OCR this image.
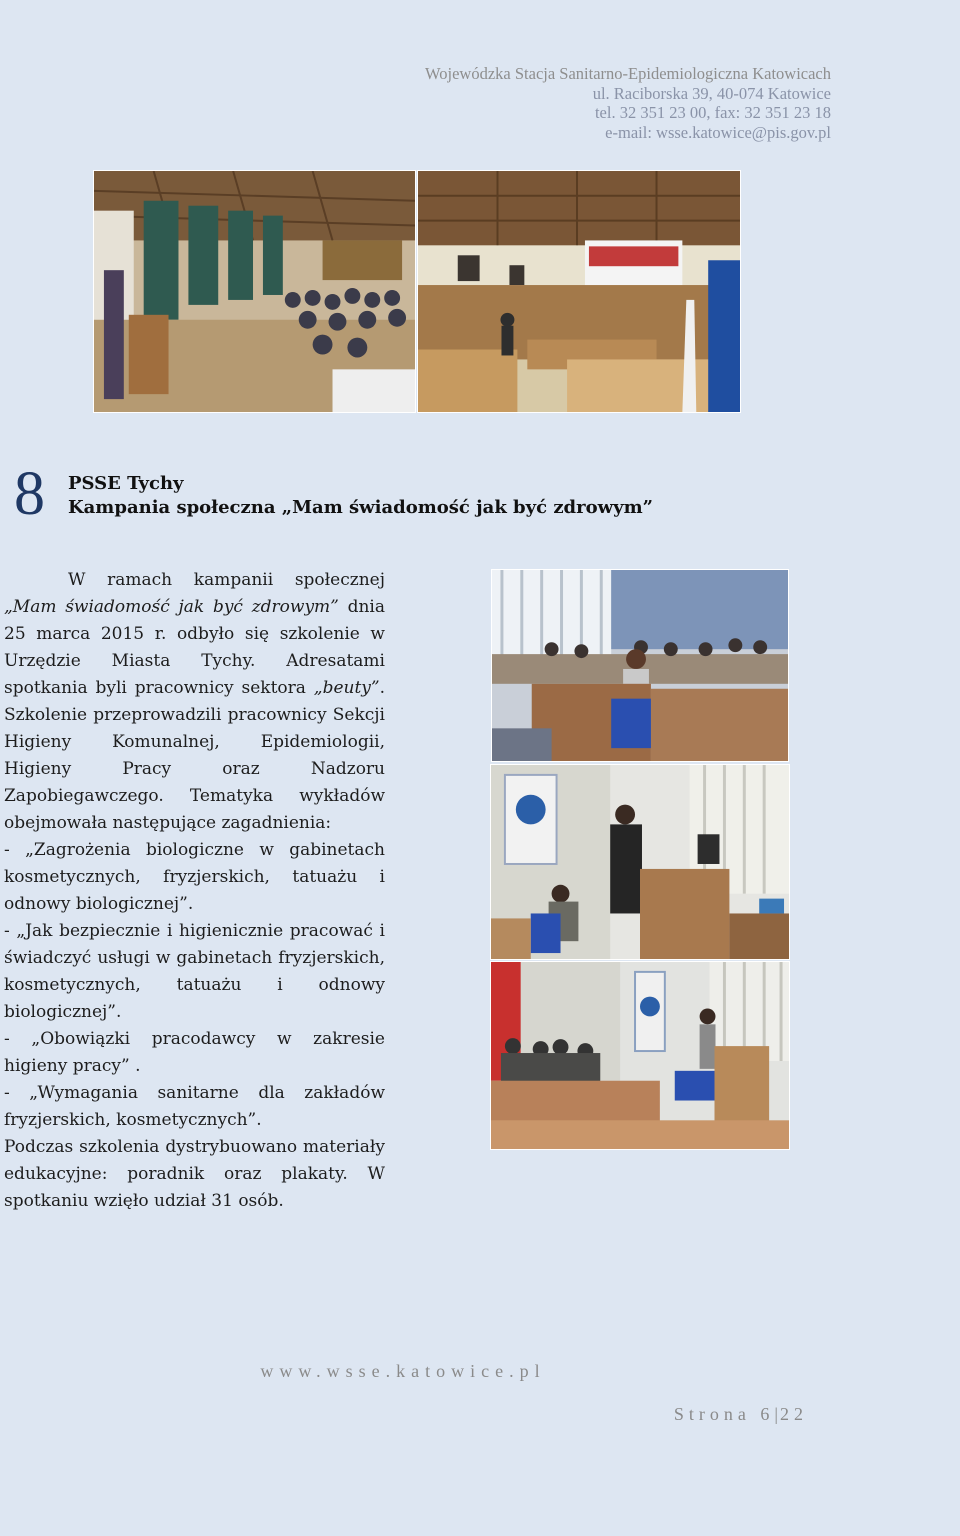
Wojewódzka Stacja Sanitarno-Epidemiologiczna Katowicach
ul. Raciborska 39, 40-074 Katowice
tel. 32 351 23 00, fax: 32 351 23 18
e-mail: wsse.katowice@pis.gov.pl
8 PSSE Tychy
Kampania społeczna „Mam świadomość jak być zdrowym”

W ramach kampanii społecznej „Mam świadomość jak być zdrowym” dnia 25 marca 2015 r. odbyło się szkolenie w Urzędzie Miasta Tychy. Adresatami spotkania byli pracownicy sektora „beuty”. Szkolenie przeprowadzili pracownicy Sekcji Higieny Komunalnej, Epidemiologii, Higieny Pracy oraz Nadzoru Zapobiegawczego. Tematyka wykładów obejmowała następujące zagadnienia:

- „Zagrożenia biologiczne w gabinetach kosmetycznych, fryzjerskich, tatuażu i odnowy biologicznej”.

- „Jak bezpiecznie i higienicznie pracować i świadczyć usługi w gabinetach fryzjerskich, kosmetycznych, tatuażu i odnowy biologicznej”.

- „Obowiązki pracodawcy w zakresie higieny pracy” .

- „Wymagania sanitarne dla zakładów fryzjerskich, kosmetycznych”.

Podczas szkolenia dystrybuowano materiały edukacyjne: poradnik oraz plakaty. W spotkaniu wzięło udział 31 osób.

www.wsse.katowice.pl
Strona 6|22
